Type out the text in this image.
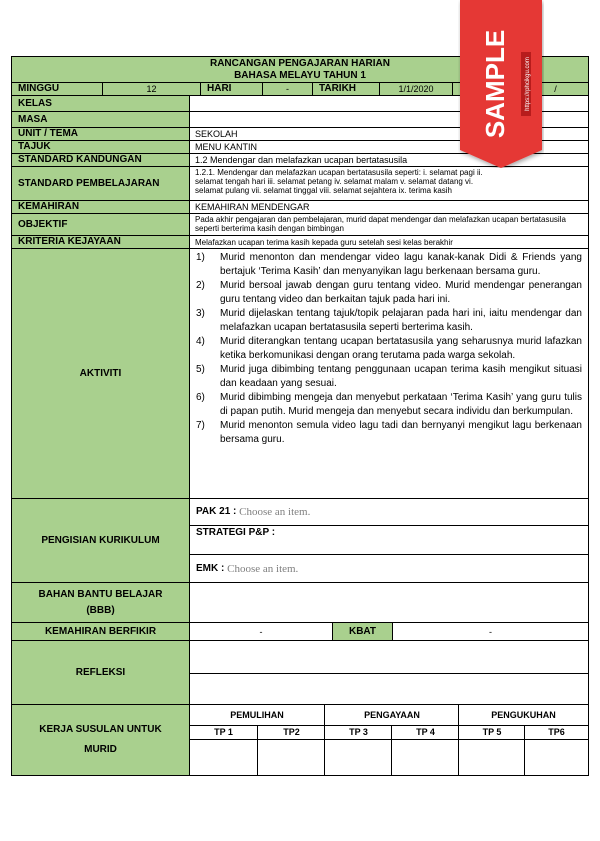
RANCANGAN PENGAJARAN HARIAN
BAHASA MELAYU TAHUN 1
MINGGU	12	HARI	-	TARIKH	1/1/2020	/
KELAS
MASA
UNIT / TEMA	SEKOLAH
TAJUK	MENU KANTIN
STANDARD KANDUNGAN	1.2 Mendengar dan melafazkan ucapan bertatasusila
STANDARD PEMBELAJARAN
1.2.1. Mendengar dan melafazkan ucapan bertatasusila seperti: i. selamat pagi ii.
selamat tengah hari iii. selamat petang iv. selamat malam v. selamat datang vi.
selamat pulang vii. selamat tinggal viii. selamat sejahtera ix. terima kasih
KEMAHIRAN	KEMAHIRAN MENDENGAR
OBJEKTIF	Pada akhir pengajaran dan pembelajaran, murid dapat mendengar dan melafazkan ucapan bertatasusila seperti berterima kasih dengan bimbingan
KRITERIA KEJAYAAN	Melafazkan ucapan terima kasih kepada guru setelah sesi kelas berakhir
AKTIVITI
1)	Murid menonton dan mendengar video lagu kanak-kanak Didi & Friends yang bertajuk ‘Terima Kasih’ dan menyanyikan lagu berkenaan bersama guru.
2)	Murid bersoal jawab dengan guru tentang video. Murid mendengar penerangan guru tentang video dan berkaitan tajuk pada hari ini.
3)	Murid dijelaskan tentang tajuk/topik pelajaran pada hari ini, iaitu mendengar dan melafazkan ucapan bertatasusila seperti berterima kasih.
4)	Murid diterangkan tentang ucapan bertatasusila yang seharusnya murid lafazkan ketika berkomunikasi dengan orang terutama pada warga sekolah.
5)	Murid juga dibimbing tentang penggunaan ucapan terima kasih mengikut situasi dan keadaan yang sesuai.
6)	Murid dibimbing mengeja dan menyebut perkataan ‘Terima Kasih’ yang guru tulis di papan putih. Murid mengeja dan menyebut secara individu dan berkumpulan.
7)	Murid menonton semula video lagu tadi dan bernyanyi mengikut lagu berkenaan bersama guru.
PENGISIAN KURIKULUM
PAK 21 :
Choose an item.
STRATEGI P&P :
EMK :
Choose an item.
BAHAN BANTU BELAJAR
(BBB)
KEMAHIRAN BERFIKIR	-	KBAT	-
REFLEKSI
KERJA SUSULAN UNTUK
MURID
PEMULIHAN	PENGAYAAN	PENGUKUHAN
TP 1	TP2	TP 3	TP 4	TP 5	TP6
SAMPLE	https://rphcikgu.com
